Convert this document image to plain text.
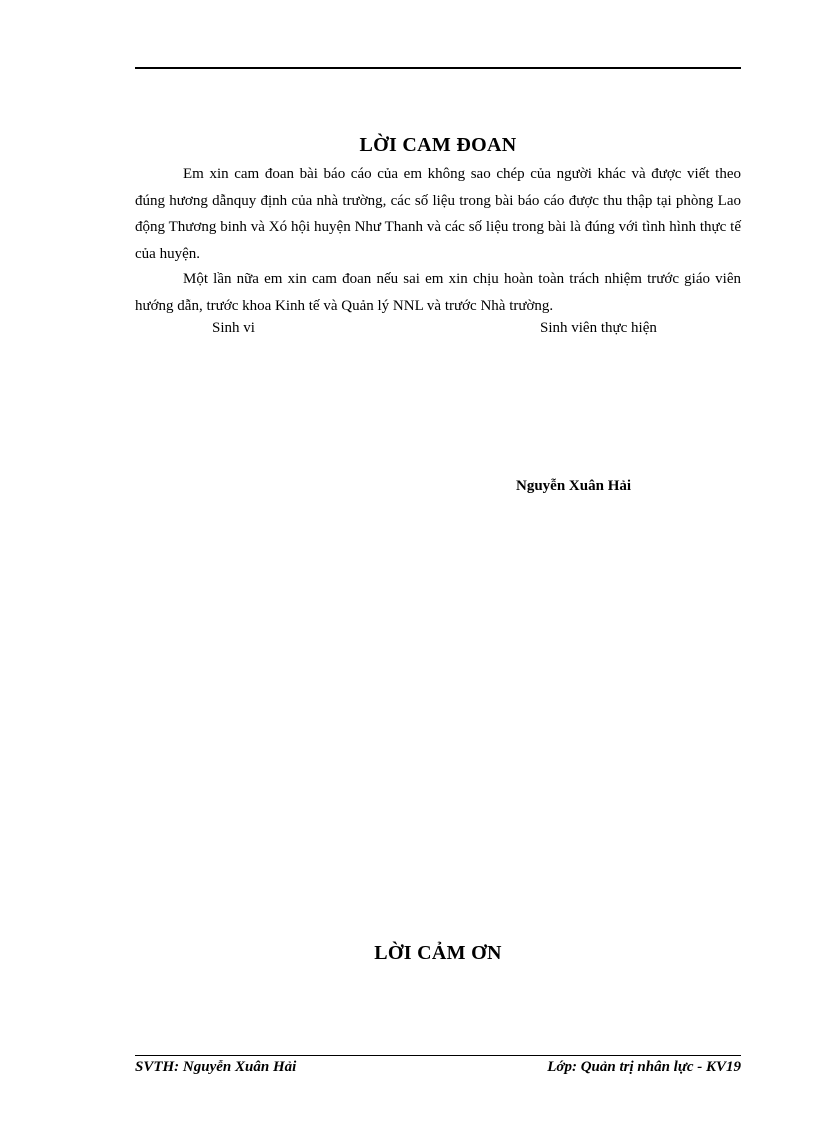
LỜI CAM ĐOAN

Em xin cam đoan bài báo cáo của em không sao chép của người khác và được viết theo đúng hương dẫnquy định của nhà trường, các số liệu trong bài báo cáo được thu thập tại phòng Lao động Thương binh và Xó hội huyện Như Thanh và các số liệu trong bài là đúng với tình hình thực tế của huyện.

Một lần nữa em xin cam đoan nếu sai em xin chịu hoàn toàn trách nhiệm trước giáo viên hướng dẫn, trước khoa Kinh tế và Quản lý NNL và trước Nhà trường.

Sinh vi	Sinh viên thực hiện
Nguyễn Xuân Hải
LỜI CẢM ƠN
SVTH: Nguyễn Xuân Hải	Lớp: Quản trị nhân lực - KV19
